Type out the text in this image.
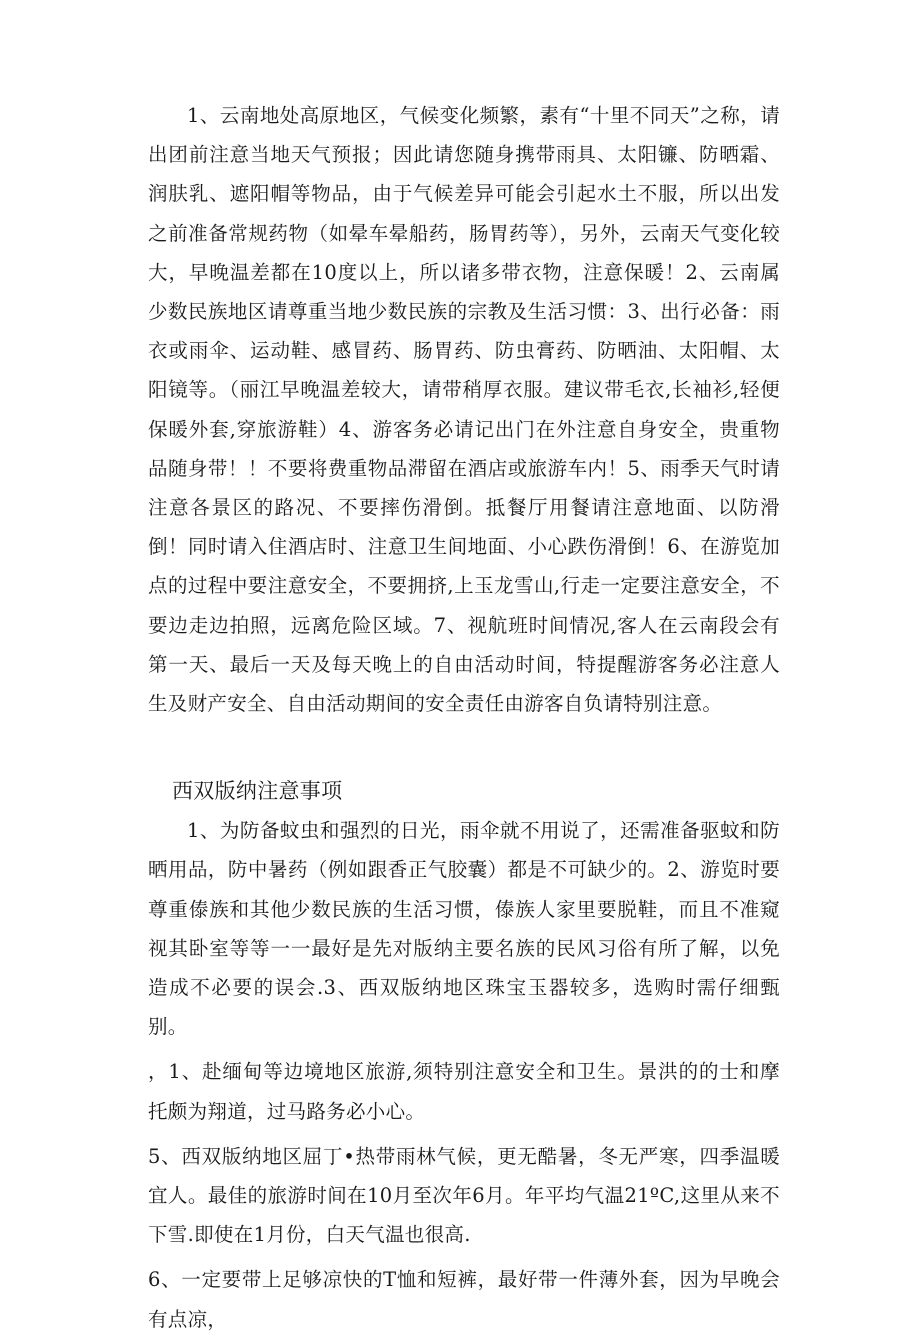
1、云南地处高原地区，气候变化频繁，素有“十里不同天”之称，请出团前注意当地天气预报；因此请您随身携带雨具、太阳镰、防晒霜、润肤乳、遮阳帽等物品，由于气候差异可能会引起水土不服，所以出发之前准备常规药物（如晕车晕船药，肠胃药等），另外，云南天气变化较大，早晚温差都在10度以上，所以诸多带衣物，注意保暖！2、云南属少数民族地区请尊重当地少数民族的宗教及生活习惯：3、出行必备：雨衣或雨伞、运动鞋、感冒药、肠胃药、防虫膏药、防晒油、太阳帽、太阳镜等。（丽江早晚温差较大，请带稍厚衣服。建议带毛衣,长袖衫,轻便保暖外套,穿旅游鞋）4、游客务必请记出门在外注意自身安全，贵重物品随身带！！不要将费重物品滞留在酒店或旅游车内！5、雨季天气时请注意各景区的路况、不要摔伤滑倒。抵餐厅用餐请注意地面、以防滑倒！同时请入住酒店时、注意卫生间地面、小心跌伤滑倒！6、在游览加点的过程中要注意安全，不要拥挤,上玉龙雪山,行走一定要注意安全，不要边走边拍照，远离危险区域。7、视航班时间情况,客人在云南段会有第一天、最后一天及每天晚上的自由活动时间，特提醒游客务必注意人生及财产安全、自由活动期间的安全责任由游客自负请特别注意。

西双版纳注意事项

1、为防备蚊虫和强烈的日光，雨伞就不用说了，还需准备驱蚊和防晒用品，防中暑药（例如跟香正气胶囊）都是不可缺少的。2、游览时要尊重傣族和其他少数民族的生活习惯，傣族人家里要脱鞋，而且不准窥视其卧室等等一一最好是先对版纳主要名族的民风习俗有所了解，以免造成不必要的误会.3、西双版纳地区珠宝玉器较多，选购时需仔细甄别。

，1、赴缅甸等边境地区旅游,须特别注意安全和卫生。景洪的的士和摩托颇为翔道，过马路务必小心。

5、西双版纳地区屈丁•热带雨林气候，更无酷暑，冬无严寒，四季温暖宜人。最佳的旅游时间在10月至次年6月。年平均气温21ºC,这里从来不下雪.即使在1月份，白天气温也很高.

6、一定要带上足够凉快的T恤和短裤，最好带一件薄外套，因为早晚会有点凉，
